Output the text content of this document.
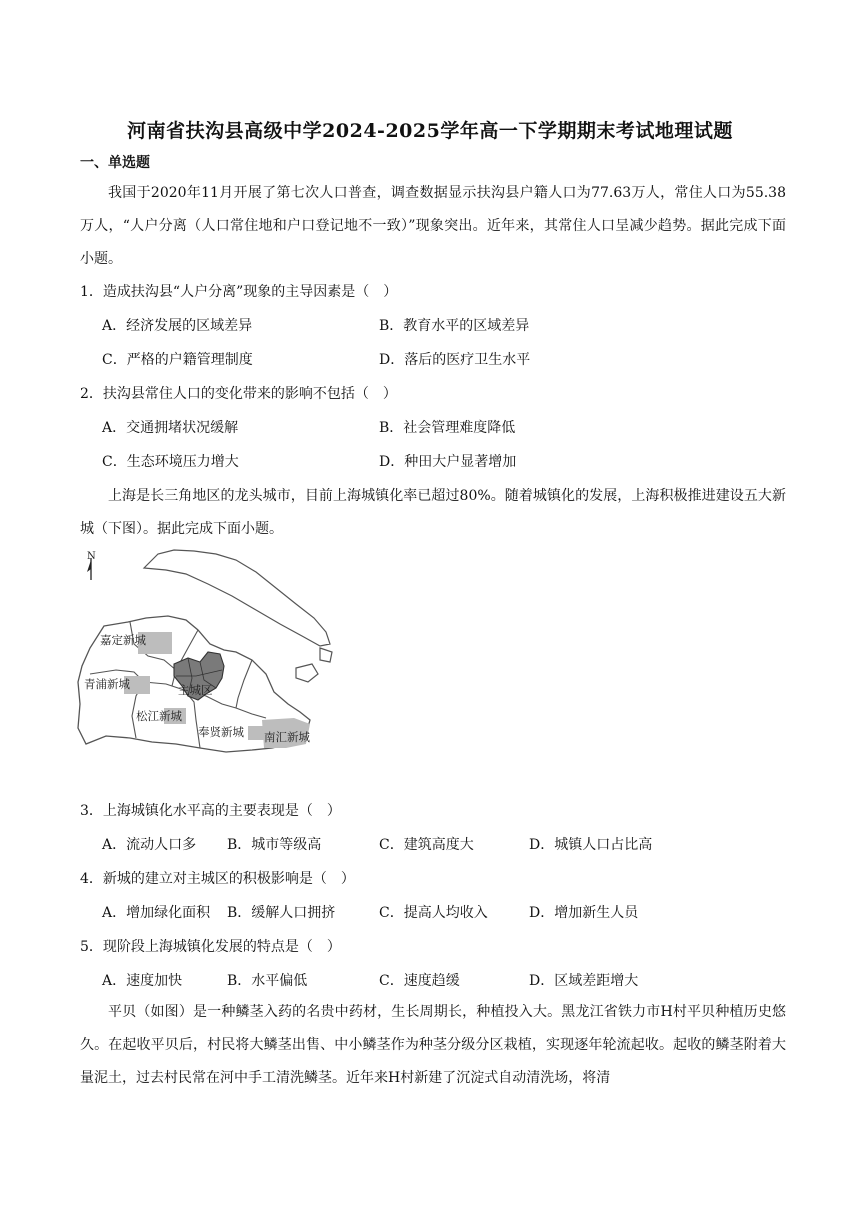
河南省扶沟县高级中学2024-2025学年高一下学期期末考试地理试题
一、单选题
我国于2020年11月开展了第七次人口普查，调查数据显示扶沟县户籍人口为77.63万人，常住人口为55.38万人，“人户分离（人口常住地和户口登记地不一致）”现象突出。近年来，其常住人口呈减少趋势。据此完成下面小题。
1．造成扶沟县“人户分离”现象的主导因素是（　）
A．经济发展的区域差异	B．教育水平的区域差异
C．严格的户籍管理制度	D．落后的医疗卫生水平
2．扶沟县常住人口的变化带来的影响不包括（　）
A．交通拥堵状况缓解	B．社会管理难度降低
C．生态环境压力增大	D．种田大户显著增加
上海是长三角地区的龙头城市，目前上海城镇化率已超过80%。随着城镇化的发展，上海积极推进建设五大新城（下图）。据此完成下面小题。
N
嘉定新城
青浦新城	主城区
松江新城
奉贤新城 南汇新城
3．上海城镇化水平高的主要表现是（　）
A．流动人口多 B．城市等级高	C．建筑高度大	D．城镇人口占比高
4．新城的建立对主城区的积极影响是（　）
A．增加绿化面积 B．缓解人口拥挤	C．提高人均收入	D．增加新生人员
5．现阶段上海城镇化发展的特点是（　）
A．速度加快	B．水平偏低	C．速度趋缓	D．区域差距增大
平贝（如图）是一种鳞茎入药的名贵中药材，生长周期长，种植投入大。黑龙江省铁力市H村平贝种植历史悠久。在起收平贝后，村民将大鳞茎出售、中小鳞茎作为种茎分级分区栽植，实现逐年轮流起收。起收的鳞茎附着大量泥土，过去村民常在河中手工清洗鳞茎。近年来H村新建了沉淀式自动清洗场，将清
